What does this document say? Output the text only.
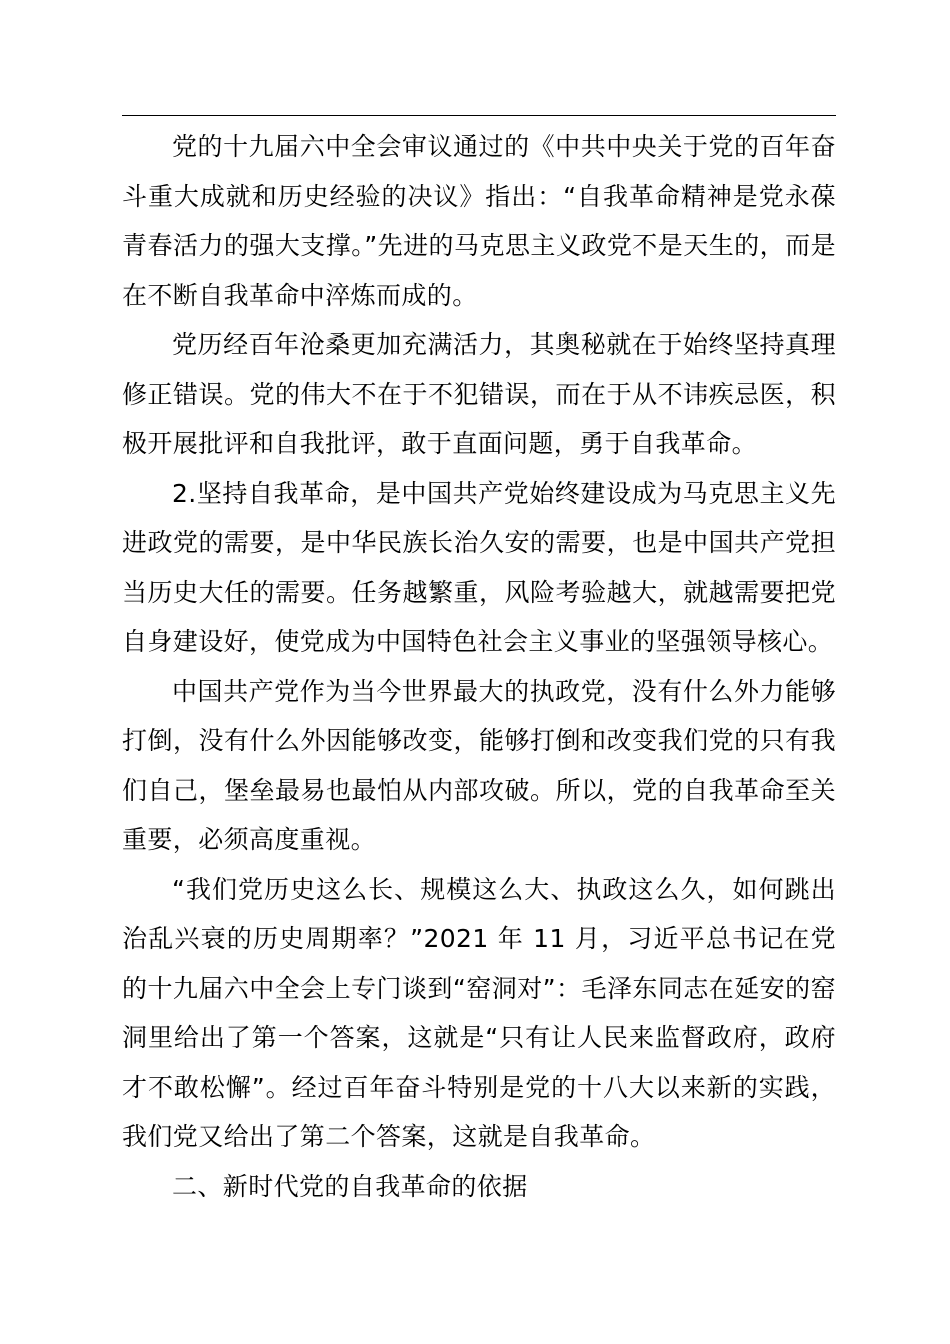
党的十九届六中全会审议通过的《中共中央关于党的百年奋斗重大成就和历史经验的决议》指出：“自我革命精神是党永葆青春活力的强大支撑。”先进的马克思主义政党不是天生的，而是在不断自我革命中淬炼而成的。

党历经百年沧桑更加充满活力，其奥秘就在于始终坚持真理修正错误。党的伟大不在于不犯错误，而在于从不讳疾忌医，积极开展批评和自我批评，敢于直面问题，勇于自我革命。

2.坚持自我革命，是中国共产党始终建设成为马克思主义先进政党的需要，是中华民族长治久安的需要，也是中国共产党担当历史大任的需要。任务越繁重，风险考验越大，就越需要把党自身建设好，使党成为中国特色社会主义事业的坚强领导核心。

中国共产党作为当今世界最大的执政党，没有什么外力能够打倒，没有什么外因能够改变，能够打倒和改变我们党的只有我们自己，堡垒最易也最怕从内部攻破。所以，党的自我革命至关重要，必须高度重视。

“我们党历史这么长、规模这么大、执政这么久，如何跳出治乱兴衰的历史周期率？”2021 年 11 月，习近平总书记在党的十九届六中全会上专门谈到“窑洞对”：毛泽东同志在延安的窑洞里给出了第一个答案，这就是“只有让人民来监督政府，政府才不敢松懈”。经过百年奋斗特别是党的十八大以来新的实践，我们党又给出了第二个答案，这就是自我革命。

二、新时代党的自我革命的依据
